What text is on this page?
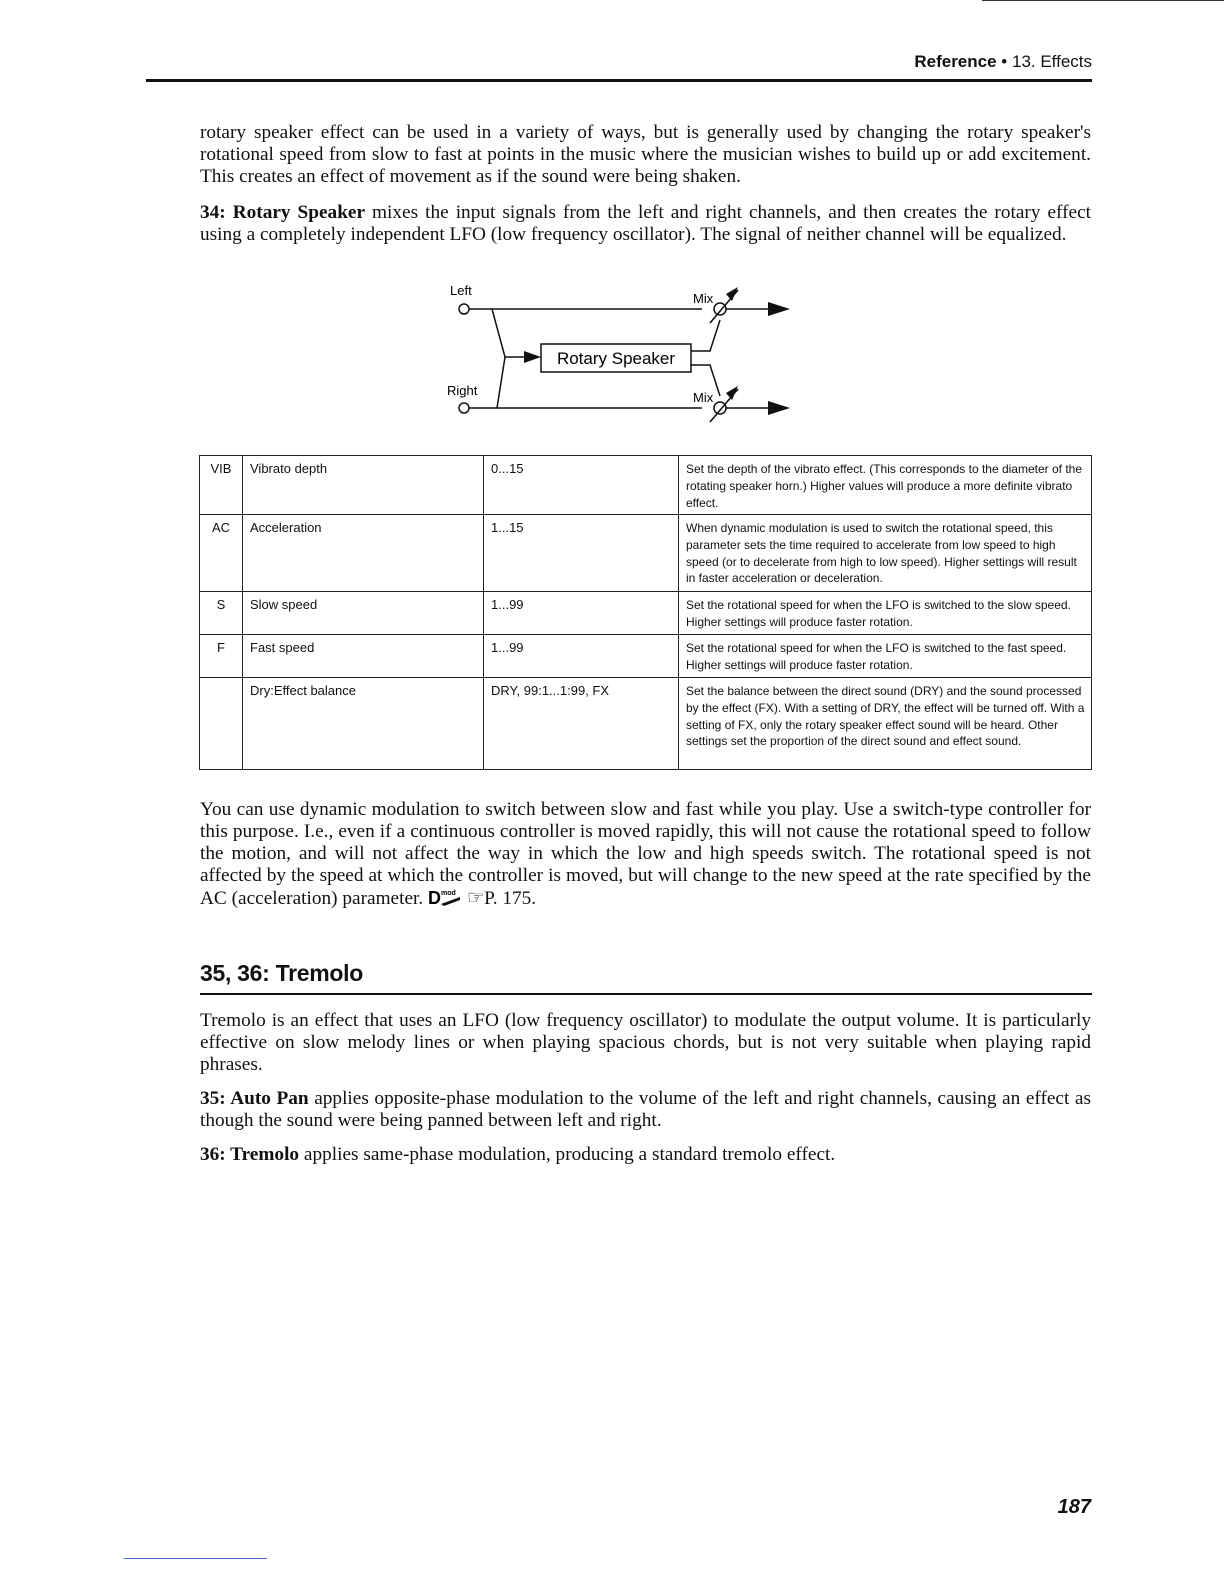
Reference • 13. Effects

rotary speaker effect can be used in a variety of ways, but is generally used by changing the rotary speaker's rotational speed from slow to fast at points in the music where the musician wishes to build up or add excitement. This creates an effect of movement as if the sound were being shaken.

34: Rotary Speaker mixes the input signals from the left and right channels, and then creates the rotary effect using a completely independent LFO (low frequency oscillator). The signal of neither channel will be equalized.

Left
Right
Rotary Speaker
Mix
Mix
VIB	Vibrato depth	0...15	Set the depth of the vibrato effect. (This corresponds to the diameter of the rotating speaker horn.) Higher values will produce a more definite vibrato effect.
AC	Acceleration	1...15	When dynamic modulation is used to switch the rotational speed, this parameter sets the time required to accelerate from low speed to high speed (or to decelerate from high to low speed). Higher settings will result in faster acceleration or deceleration.
S	Slow speed	1...99	Set the rotational speed for when the LFO is switched to the slow speed. Higher settings will produce faster rotation.
F	Fast speed	1...99	Set the rotational speed for when the LFO is switched to the fast speed. Higher settings will produce faster rotation.
	Dry:Effect balance	DRY, 99:1...1:99, FX	Set the balance between the direct sound (DRY) and the sound processed by the effect (FX). With a setting of DRY, the effect will be turned off. With a setting of FX, only the rotary speaker effect sound will be heard. Other settings set the proportion of the direct sound and effect sound.

You can use dynamic modulation to switch between slow and fast while you play. Use a switch-type controller for this purpose. I.e., even if a continuous controller is moved rapidly, this will not cause the rotational speed to follow the motion, and will not affect the way in which the low and high speeds switch. The rotational speed is not affected by the speed at which the controller is moved, but will change to the new speed at the rate specified by the AC (acceleration) parameter. D mod ☞P. 175.

35, 36: Tremolo

Tremolo is an effect that uses an LFO (low frequency oscillator) to modulate the output volume. It is particularly effective on slow melody lines or when playing spacious chords, but is not very suitable when playing rapid phrases.

35: Auto Pan applies opposite-phase modulation to the volume of the left and right channels, causing an effect as though the sound were being panned between left and right.

36: Tremolo applies same-phase modulation, producing a standard tremolo effect.

187
